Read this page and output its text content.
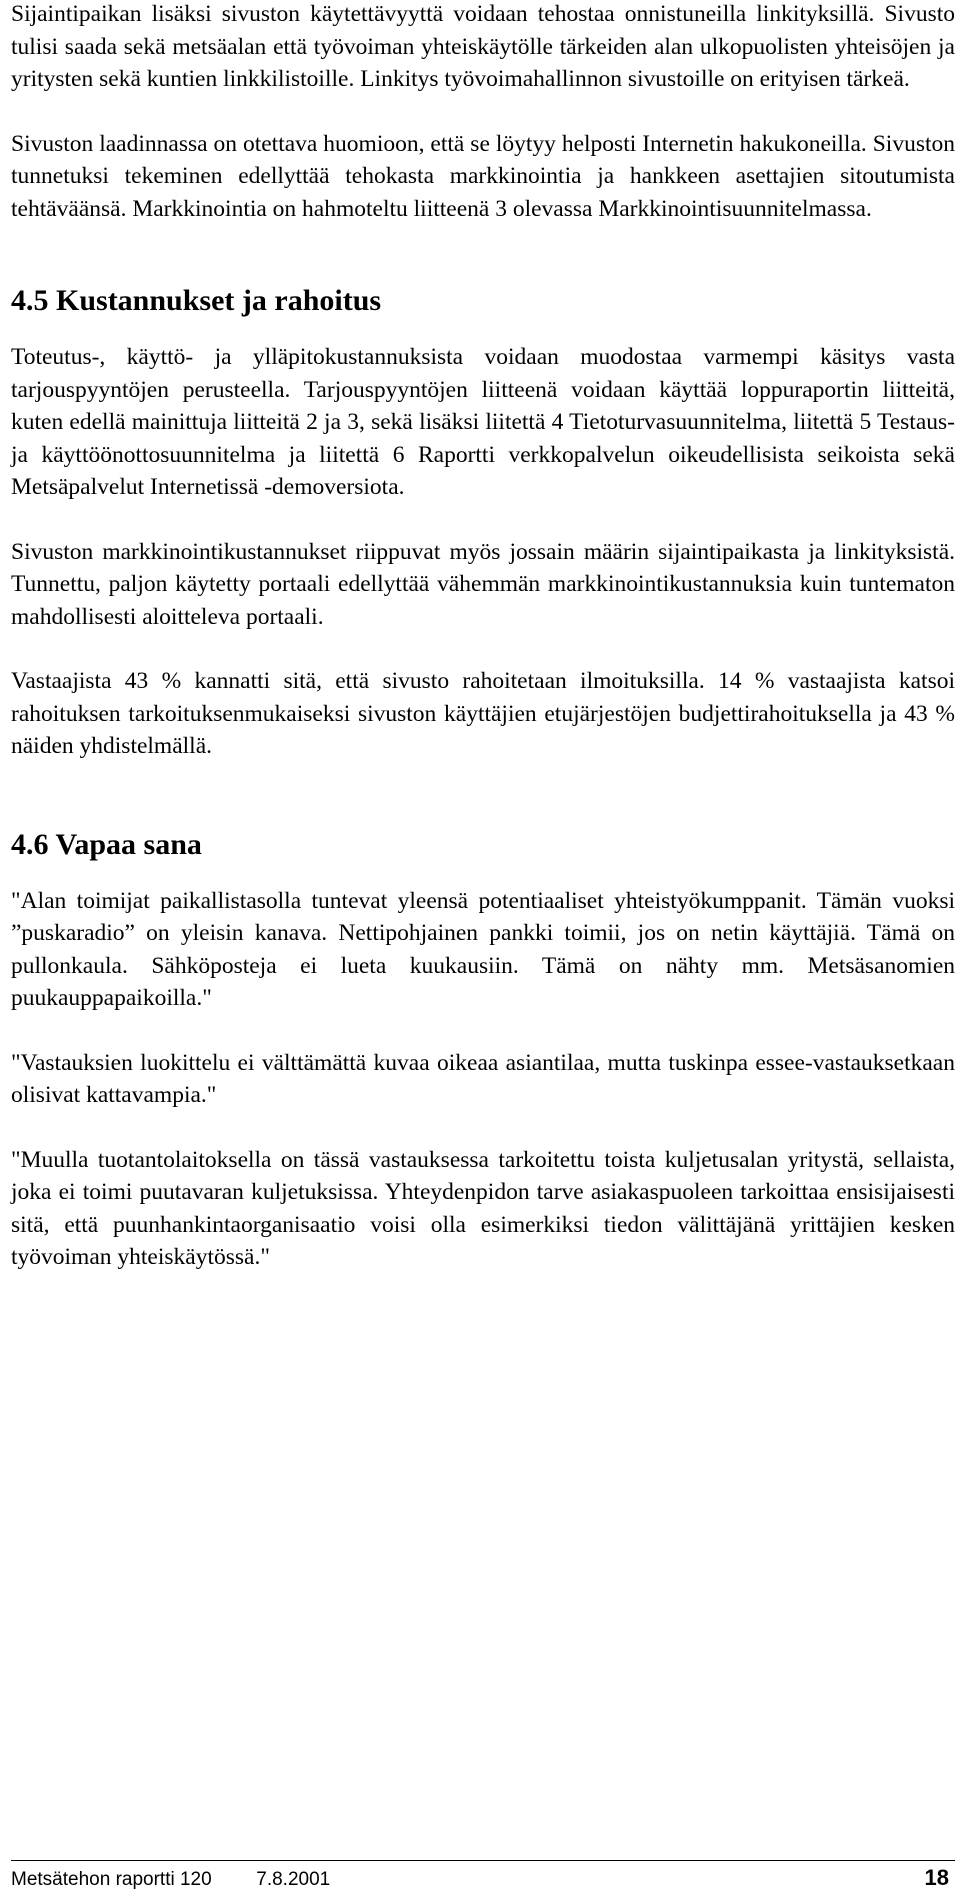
Sijaintipaikan lisäksi sivuston käytettävyyttä voidaan tehostaa onnistuneilla linkityksillä. Sivusto tulisi saada sekä metsäalan että työvoiman yhteiskäytölle tärkeiden alan ulkopuolisten yhteisöjen ja yritysten sekä kuntien linkkilistoille. Linkitys työvoimahallinnon sivustoille on erityisen tärkeä.

Sivuston laadinnassa on otettava huomioon, että se löytyy helposti Internetin hakukoneilla. Sivuston tunnetuksi tekeminen edellyttää tehokasta markkinointia ja hankkeen asettajien sitoutumista tehtäväänsä. Markkinointia on hahmoteltu liitteenä 3 olevassa Markkinointisuunnitelmassa.

4.5 Kustannukset ja rahoitus

Toteutus-, käyttö- ja ylläpitokustannuksista voidaan muodostaa varmempi käsitys vasta tarjouspyyntöjen perusteella. Tarjouspyyntöjen liitteenä voidaan käyttää loppuraportin liitteitä, kuten edellä mainittuja liitteitä 2 ja 3, sekä lisäksi liitettä 4 Tietoturvasuunnitelma, liitettä 5 Testaus- ja käyttöönottosuunnitelma ja liitettä 6 Raportti verkkopalvelun oikeudellisista seikoista sekä Metsäpalvelut Internetissä -demoversiota.

Sivuston markkinointikustannukset riippuvat myös jossain määrin sijaintipaikasta ja linkityksistä. Tunnettu, paljon käytetty portaali edellyttää vähemmän markkinointikustannuksia kuin tuntematon mahdollisesti aloitteleva portaali.

Vastaajista 43 % kannatti sitä, että sivusto rahoitetaan ilmoituksilla. 14 % vastaajista katsoi rahoituksen tarkoituksenmukaiseksi sivuston käyttäjien etujärjestöjen budjettirahoituksella ja 43 % näiden yhdistelmällä.

4.6 Vapaa sana

"Alan toimijat paikallistasolla tuntevat yleensä potentiaaliset yhteistyökumppanit. Tämän vuoksi ”puskaradio” on yleisin kanava. Nettipohjainen pankki toimii, jos on netin käyttäjiä. Tämä on pullonkaula. Sähköposteja ei lueta kuukausiin. Tämä on nähty mm. Metsäsanomien puukauppapaikoilla."

"Vastauksien luokittelu ei välttämättä kuvaa oikeaa asiantilaa, mutta tuskinpa essee-vastauksetkaan olisivat kattavampia."

"Muulla tuotantolaitoksella on tässä vastauksessa tarkoitettu toista kuljetusalan yritystä, sellaista, joka ei toimi puutavaran kuljetuksissa. Yhteydenpidon tarve asiakaspuoleen tarkoittaa ensisijaisesti sitä, että puunhankintaorganisaatio voisi olla esimerkiksi tiedon välittäjänä yrittäjien kesken työvoiman yhteiskäytössä."

Metsätehon raportti 120 7.8.2001	18
